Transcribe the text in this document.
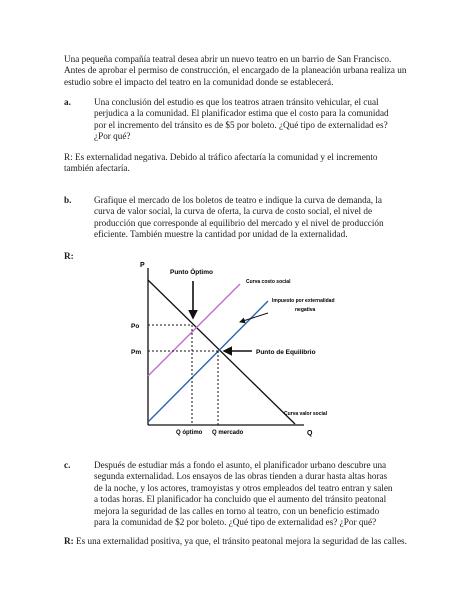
Una pequeña compañía teatral desea abrir un nuevo teatro en un barrio de San Francisco. Antes de aprobar el permiso de construcción, el encargado de la planeación urbana realiza un estudio sobre el impacto del teatro en la comunidad donde se establecerá.

a.	Una conclusión del estudio es que los teatros atraen tránsito vehicular, el cual perjudica a la comunidad. El planificador estima que el costo para la comunidad por el incremento del tránsito es de $5 por boleto. ¿Qué tipo de externalidad es? ¿Por qué?

R: Es externalidad negativa. Debido al tráfico afectaría la comunidad y el incremento también afectaría.

b. Grafique el mercado de los boletos de teatro e indique la curva de demanda, la curva de valor social, la curva de oferta, la curva de costo social, el nivel de producción que corresponde al equilibrio del mercado y el nivel de producción eficiente. También muestre la cantidad por unidad de la externalidad.
R:
P
Q
Po
Pm
Q óptimo Q mercado
Punto Óptimo
Curva costo social
Impuesto por externalidad
negativa
Punto de Equilibrio
Curva valor social
c.	Después de estudiar más a fondo el asunto, el planificador urbano descubre una segunda externalidad. Los ensayos de las obras tienden a durar hasta altas horas de la noche, y los actores, tramoyistas y otros empleados del teatro entran y salen a todas horas. El planificador ha concluido que el aumento del tránsito peatonal mejora la seguridad de las calles en torno al teatro, con un beneficio estimado para la comunidad de $2 por boleto. ¿Qué tipo de externalidad es? ¿Por qué?

R: Es una externalidad positiva, ya que, el tránsito peatonal mejora la seguridad de las calles.
